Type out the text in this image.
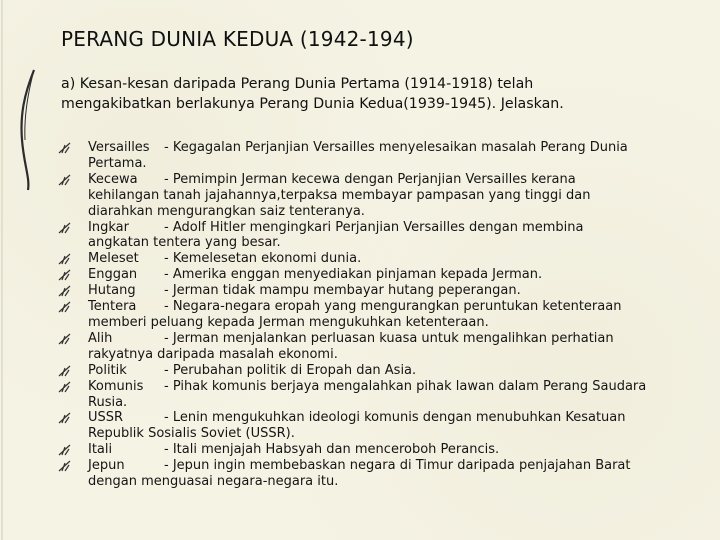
PERANG DUNIA KEDUA (1942-194)
a) Kesan-kesan daripada Perang Dunia Pertama (1914-1918) telah
mengakibatkan berlakunya Perang Dunia Kedua(1939-1945). Jelaskan.
Versailles - Kegagalan Perjanjian Versailles menyelesaikan masalah Perang Dunia
Pertama.
Kecewa - Pemimpin Jerman kecewa dengan Perjanjian Versailles kerana
kehilangan tanah jajahannya,terpaksa membayar pampasan yang tinggi dan
diarahkan mengurangkan saiz tenteranya.
Ingkar	- Adolf Hitler mengingkari Perjanjian Versailles dengan membina
angkatan tentera yang besar.
Meleset - Kemelesetan ekonomi dunia.
Enggan - Amerika enggan menyediakan pinjaman kepada Jerman.
Hutang - Jerman tidak mampu membayar hutang peperangan.
Tentera - Negara-negara eropah yang mengurangkan peruntukan ketenteraan
memberi peluang kepada Jerman mengukuhkan ketenteraan.
Alih	- Jerman menjalankan perluasan kuasa untuk mengalihkan perhatian
rakyatnya daripada masalah ekonomi.
Politik	- Perubahan politik di Eropah dan Asia.
Komunis - Pihak komunis berjaya mengalahkan pihak lawan dalam Perang Saudara
Rusia.
USSR	- Lenin mengukuhkan ideologi komunis dengan menubuhkan Kesatuan
Republik Sosialis Soviet (USSR).
Itali	- Itali menjajah Habsyah dan menceroboh Perancis.
Jepun	- Jepun ingin membebaskan negara di Timur daripada penjajahan Barat
dengan menguasai negara-negara itu.
